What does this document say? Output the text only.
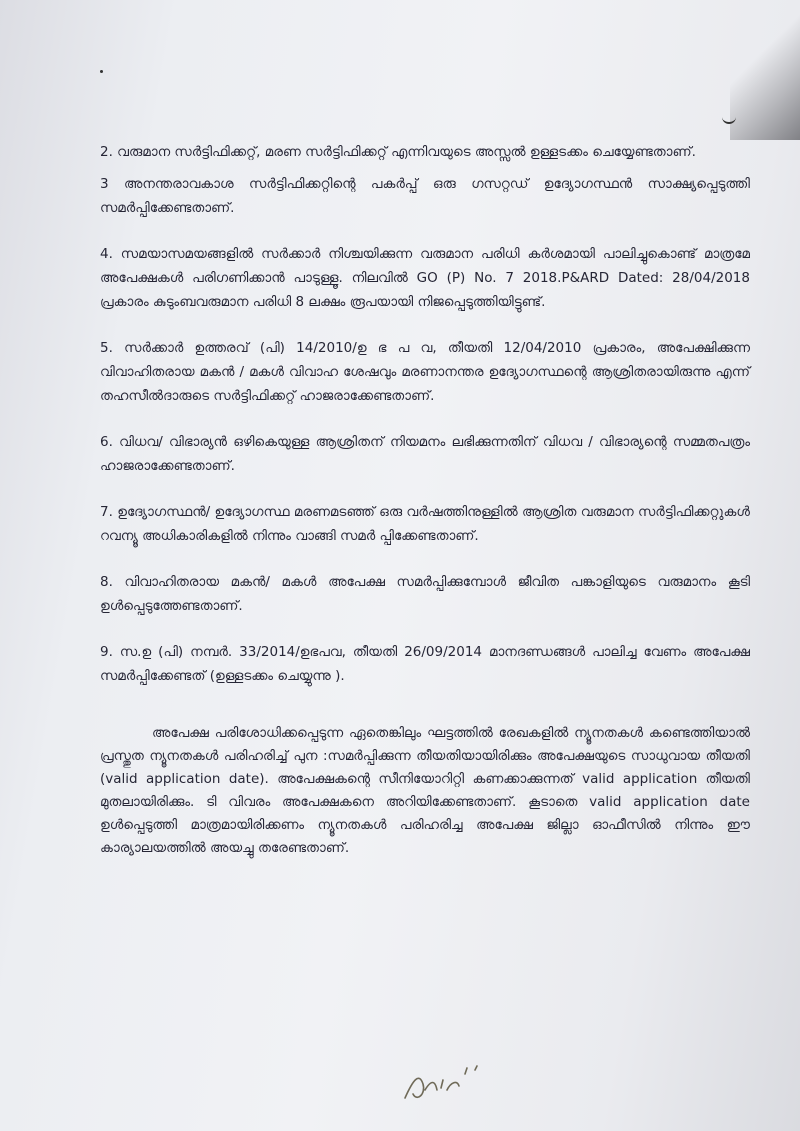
2. വരുമാന സർട്ടിഫിക്കറ്റ്, മരണ സർട്ടിഫിക്കറ്റ് എന്നിവയുടെ അസ്സൽ ഉള്ളടക്കം ചെയ്യേണ്ടതാണ്.

3 അനന്തരാവകാശ സർട്ടിഫിക്കറ്റിന്റെ പകർപ്പ് ഒരു ഗസറ്റഡ് ഉദ്യോഗസ്ഥൻ സാക്ഷ്യപ്പെടുത്തി സമർപ്പിക്കേണ്ടതാണ്.

4. സമയാസമയങ്ങളിൽ സർക്കാർ നിശ്ചയിക്കുന്ന വരുമാന പരിധി കർശമായി പാലിച്ചുകൊണ്ട് മാത്രമേ അപേക്ഷകൾ പരിഗണിക്കാൻ പാടുള്ളൂ. നിലവിൽ GO (P) No. 7 2018.P&ARD Dated: 28/04/2018 പ്രകാരം കുടുംബവരുമാന പരിധി 8 ലക്ഷം രൂപയായി നിജപ്പെടുത്തിയിട്ടുണ്ട്.

5. സർക്കാർ ഉത്തരവ് (പി) 14/2010/ഉ ഭ പ വ, തീയതി 12/04/2010 പ്രകാരം, അപേക്ഷിക്കുന്ന വിവാഹിതരായ മകൻ / മകൾ വിവാഹ ശേഷവും മരണാനന്തര ഉദ്യോഗസ്ഥന്റെ ആശ്രിതരായിരുന്നു എന്ന് തഹസീൽദാരുടെ സർട്ടിഫിക്കറ്റ് ഹാജരാക്കേണ്ടതാണ്.

6. വിധവ/ വിഭാര്യൻ ഒഴികെയുള്ള ആശ്രിതന് നിയമനം ലഭിക്കുന്നതിന് വിധവ / വിഭാര്യന്റെ സമ്മതപത്രം ഹാജരാക്കേണ്ടതാണ്.

7. ഉദ്യോഗസ്ഥൻ/ ഉദ്യോഗസ്ഥ മരണമടഞ്ഞ് ഒരു വർഷത്തിനുള്ളിൽ ആശ്രിത വരുമാന സർട്ടിഫിക്കറ്റുകൾ റവന്യൂ അധികാരികളിൽ നിന്നും വാങ്ങി സമർ പ്പിക്കേണ്ടതാണ്.

8. വിവാഹിതരായ മകൻ/ മകൾ അപേക്ഷ സമർപ്പിക്കുമ്പോൾ ജീവിത പങ്കാളിയുടെ വരുമാനം കൂടി ഉൾപ്പെടുത്തേണ്ടതാണ്.

9. സ.ഉ (പി) നമ്പർ. 33/2014/ഉഭപവ, തീയതി 26/09/2014 മാനദണ്ഡങ്ങൾ പാലിച്ച വേണം അപേക്ഷ സമർപ്പിക്കേണ്ടത് (ഉള്ളടക്കം ചെയ്യുന്നു ).

അപേക്ഷ പരിശോധിക്കപ്പെടുന്ന ഏതെങ്കിലും ഘട്ടത്തിൽ രേഖകളിൽ ന്യൂനതകൾ കണ്ടെത്തിയാൽ പ്രസ്തുത ന്യൂനതകൾ പരിഹരിച്ച് പുന :സമർപ്പിക്കുന്ന തീയതിയായിരിക്കും അപേക്ഷയുടെ സാധുവായ തീയതി (valid application date). അപേക്ഷകന്റെ സീനിയോറിറ്റി കണക്കാക്കുന്നത് valid application തീയതി മുതലായിരിക്കും. ടി വിവരം അപേക്ഷകനെ അറിയിക്കേണ്ടതാണ്. കൂടാതെ valid application date ഉൾപ്പെടുത്തി മാത്രമായിരിക്കണം ന്യൂനതകൾ പരിഹരിച്ച അപേക്ഷ ജില്ലാ ഓഫീസിൽ നിന്നും ഈ കാര്യാലയത്തിൽ അയച്ചു തരേണ്ടതാണ്.
